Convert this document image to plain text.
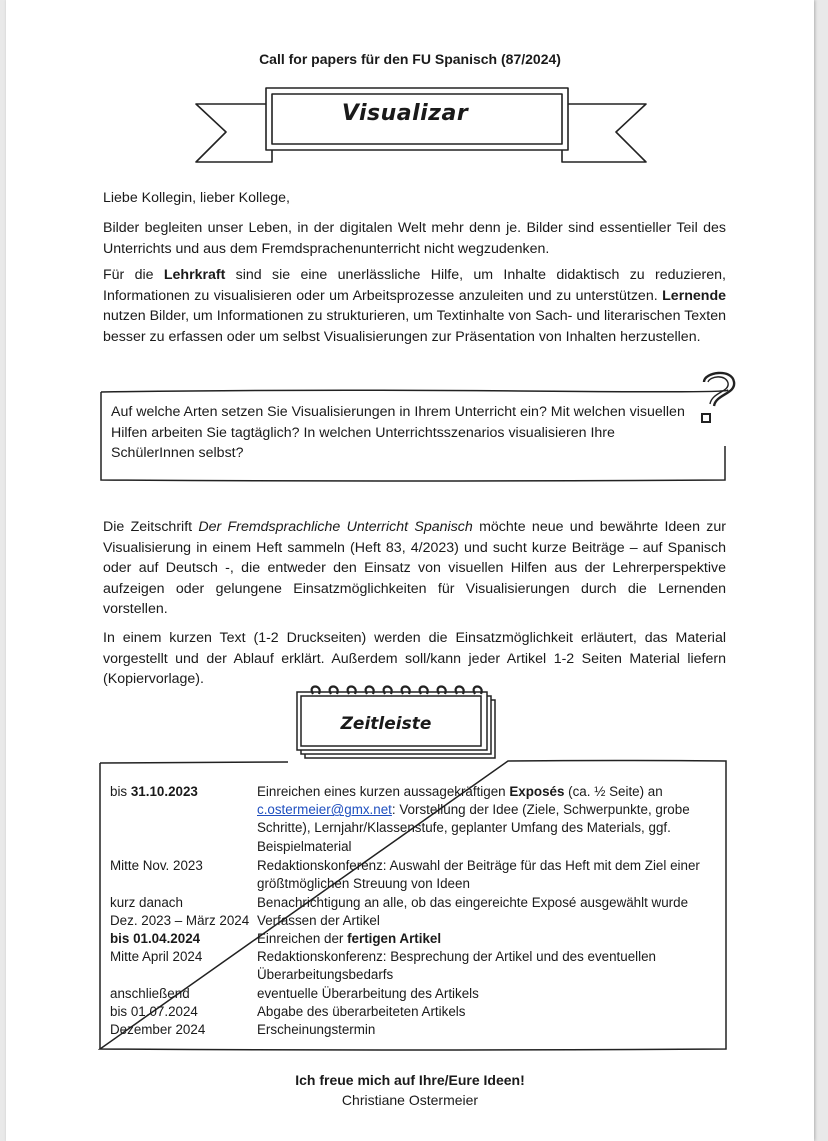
Call for papers für den FU Spanisch (87/2024)
Visualizar

Liebe Kollegin, lieber Kollege,

Bilder begleiten unser Leben, in der digitalen Welt mehr denn je. Bilder sind essentieller Teil des Unterrichts und aus dem Fremdsprachenunterricht nicht wegzudenken.

Für die Lehrkraft sind sie eine unerlässliche Hilfe, um Inhalte didaktisch zu reduzieren, Informationen zu visualisieren oder um Arbeitsprozesse anzuleiten und zu unterstützen. Lernende nutzen Bilder, um Informationen zu strukturieren, um Textinhalte von Sach- und literarischen Texten besser zu erfassen oder um selbst Visualisierungen zur Präsentation von Inhalten herzustellen.

Auf welche Arten setzen Sie Visualisierungen in Ihrem Unterricht ein? Mit welchen visuellen Hilfen arbeiten Sie tagtäglich? In welchen Unterrichtsszenarios visualisieren Ihre SchülerInnen selbst?

Die Zeitschrift Der Fremdsprachliche Unterricht Spanisch möchte neue und bewährte Ideen zur Visualisierung in einem Heft sammeln (Heft 83, 4/2023) und sucht kurze Beiträge – auf Spanisch oder auf Deutsch -, die entweder den Einsatz von visuellen Hilfen aus der Lehrerperspektive aufzeigen oder gelungene Einsatzmöglichkeiten für Visualisierungen durch die Lernenden vorstellen.

In einem kurzen Text (1-2 Druckseiten) werden die Einsatzmöglichkeit erläutert, das Material vorgestellt und der Ablauf erklärt. Außerdem soll/kann jeder Artikel 1-2 Seiten Material liefern (Kopiervorlage).

Zeitleiste
bis 31.10.2023	Einreichen eines kurzen aussagekräftigen Exposés (ca. ½ Seite) an c.ostermeier@gmx.net: Vorstellung der Idee (Ziele, Schwerpunkte, grobe Schritte), Lernjahr/Klassenstufe, geplanter Umfang des Materials, ggf. Beispielmaterial
Mitte Nov. 2023	Redaktionskonferenz: Auswahl der Beiträge für das Heft mit dem Ziel einer größtmöglichen Streuung von Ideen
kurz danach	Benachrichtigung an alle, ob das eingereichte Exposé ausgewählt wurde
Dez. 2023 – März 2024 Verfassen der Artikel
bis 01.04.2024	Einreichen der fertigen Artikel
Mitte April 2024	Redaktionskonferenz: Besprechung der Artikel und des eventuellen Überarbeitungsbedarfs
anschließend	eventuelle Überarbeitung des Artikels
bis 01.07.2024	Abgabe des überarbeiteten Artikels
Dezember 2024	Erscheinungstermin
Ich freue mich auf Ihre/Eure Ideen!
Christiane Ostermeier
